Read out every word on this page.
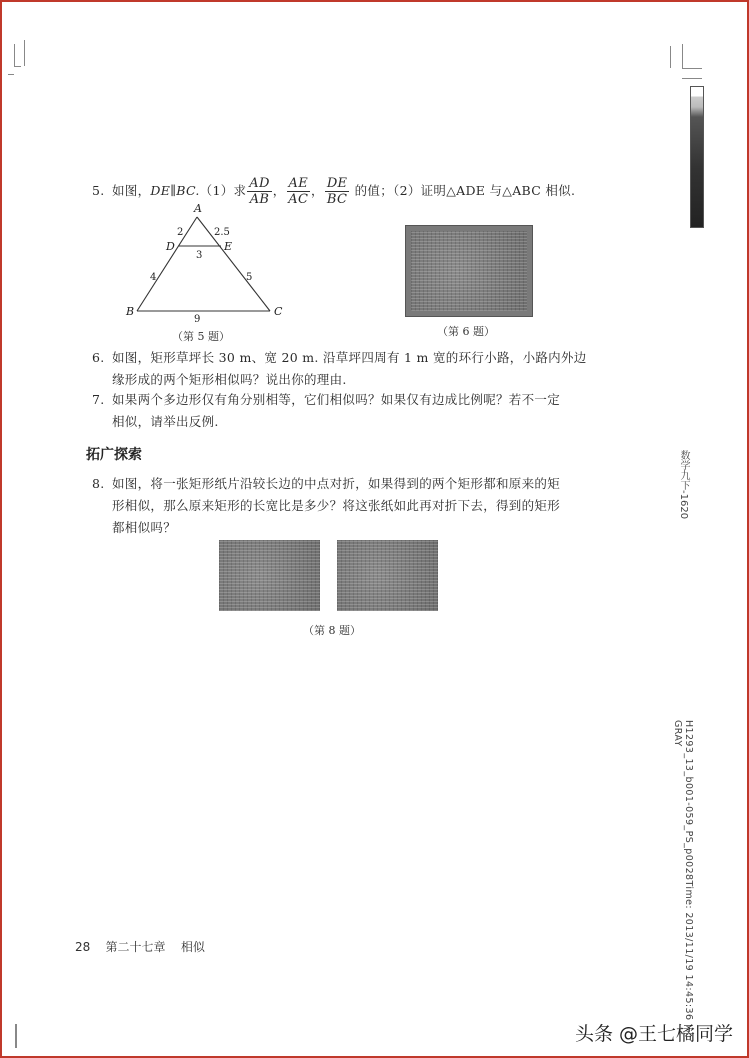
5. 如图，DE∥BC.（1）求 $\frac{AD}{AB}$ ， $\frac{AE}{AC}$ ， $\frac{DE}{BC}$ 的值；（2）证明△ADE 与△ABC 相似.
A
D	E
B	C
2	2.5
3
4	5
9
（第 5 题）	（第 6 题）
6. 如图，矩形草坪长 30 m、宽 20 m. 沿草坪四周有 1 m 宽的环行小路，小路内外边
缘形成的两个矩形相似吗？说出你的理由.
7. 如果两个多边形仅有角分别相等，它们相似吗？如果仅有边成比例呢？若不一定
相似，请举出反例.
拓广探索
8. 如图，将一张矩形纸片沿较长边的中点对折，如果得到的两个矩形都和原来的矩
形相似，那么原来矩形的长宽比是多少？将这张纸如此再对折下去，得到的矩形
都相似吗？
（第 8 题）
数学九下-1620
H1293_13_b001-059_PS_p0028Time: 2013/11/19 14:45:36
GRAY
28 第二十七章 相似
头条 @王七橘同学
